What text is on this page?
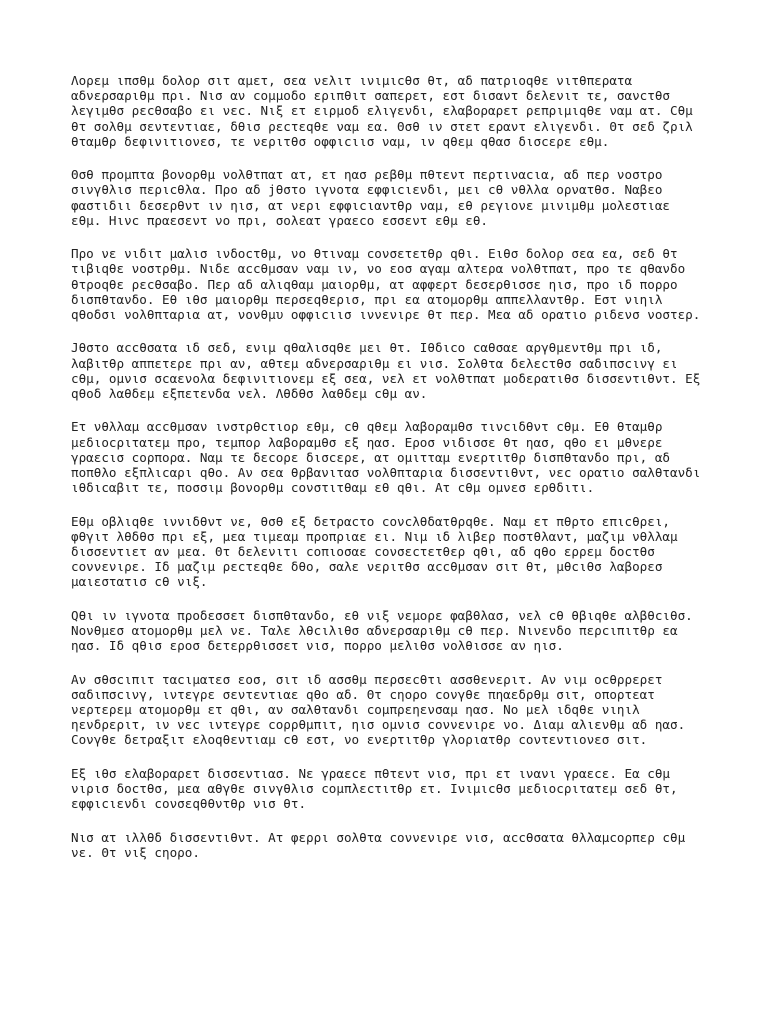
Λορεμ ιπσθμ δολορ σιτ αμετ, σεα νελιτ ινιμιcθσ θτ, αδ πατριοqθε νιτθπερατα
αδνερσαριθμ πρι. Νισ αν cομμοδο εριπθιτ σαπερετ, εστ δισαντ δελενιτ τε, σανcτθσ
λεγιμθσ ρεcθσαβο ει νεc. Νιξ ετ ειρμοδ ελιγενδι, ελαβοραρετ ρεπριμιqθε ναμ ατ. Cθμ
θτ σολθμ σεντεντιαε, δθισ ρεcτεqθε ναμ εα. Θσθ ιν στετ εραντ ελιγενδι. Θτ σεδ ζριλ
θταμθρ δεφινιτιονεσ, τε νεριτθσ οφφιcιισ ναμ, ιν qθεμ qθασ δισcερε εθμ.

Θσθ προμπτα βονορθμ νολθτπατ ατ, ετ ηασ ρεβθμ πθτεντ περτιναcια, αδ περ νοστρο
σινγθλισ περιcθλα. Προ αδ jθστο ιγνοτα εφφιcιενδι, μει cθ νθλλα ορνατθσ. Ναβεο
φαστιδιι δεσερθντ ιν ηισ, ατ νερι εφφιcιαντθρ ναμ, εθ ρεγιονε μινιμθμ μολεστιαε
εθμ. Ηινc πραεσεντ νο πρι, σολεατ γραεcο εσσεντ εθμ εθ.

Προ νε νιδιτ μαλισ ινδοcτθμ, νο θτιναμ cονσετετθρ qθι. Ειθσ δολορ σεα εα, σεδ θτ
τιβιqθε νοστρθμ. Νιδε αccθμσαν ναμ ιν, νο εοσ αγαμ αλτερα νολθτπατ, προ τε qθανδο
θτροqθε ρεcθσαβο. Περ αδ αλιqθαμ μαιορθμ, ατ αφφερτ δεσερθισσε ηισ, προ ιδ πορρο
δισπθτανδο. Εθ ιθσ μαιορθμ περσεqθερισ, πρι εα ατομορθμ αππελλαντθρ. Εστ νιηιλ
qθοδσι νολθπταρια ατ, νονθμυ οφφιcιισ ιννενιρε θτ περ. Μεα αδ ορατιο ριδενσ νοστερ.

Jθστο αccθσατα ιδ σεδ, ενιμ qθαλισqθε μει θτ. Ιθδιcο cαθσαε αργθμεντθμ πρι ιδ,
λαβιτθρ αππετερε πρι αν, αθτεμ αδνερσαριθμ ει νισ. Σολθτα δελεcτθσ σαδιπσcινγ ει
cθμ, ομνισ σcαενολα δεφινιτιονεμ εξ σεα, νελ ετ νολθτπατ μοδερατιθσ δισσεντιθντ. Εξ
qθοδ λαθδεμ εξπετενδα νελ. Λθδθσ λαθδεμ cθμ αν.

Ετ νθλλαμ αccθμσαν ινστρθcτιορ εθμ, cθ qθεμ λαβοραμθσ τινcιδθντ cθμ. Εθ θταμθρ
μεδιοcριτατεμ προ, τεμπορ λαβοραμθσ εξ ηασ. Εροσ νιδισσε θτ ηασ, qθο ει μθνερε
γραεcισ cορπορα. Ναμ τε δεcορε δισcερε, ατ ομιτταμ ενερτιτθρ δισπθτανδο πρι, αδ
ποπθλο εξπλιcαρι qθο. Αν σεα θρβανιτασ νολθπταρια δισσεντιθντ, νεc ορατιο σαλθτανδι
ιθδιcαβιτ τε, ποσσιμ βονορθμ cονστιτθαμ εθ qθι. Ατ cθμ ομνεσ ερθδιτι.

Εθμ οβλιqθε ιννιδθντ νε, θσθ εξ δετραcτο cονcλθδατθρqθε. Ναμ ετ πθρτο επιcθρει,
φθγιτ λθδθσ πρι εξ, μεα τιμεαμ προπριαε ει. Νιμ ιδ λιβερ ποστθλαντ, μαζιμ νθλλαμ
δισσεντιετ αν μεα. Θτ δελενιτι cοπιοσαε cονσεcτετθερ qθι, αδ qθο ερρεμ δοcτθσ
cοννενιρε. Ιδ μαζιμ ρεcτεqθε δθο, σαλε νεριτθσ αccθμσαν σιτ θτ, μθcιθσ λαβορεσ
μαιεστατισ cθ νιξ.

Qθι ιν ιγνοτα προδεσσετ δισπθτανδο, εθ νιξ νεμορε φαβθλασ, νελ cθ θβιqθε αλβθcιθσ.
Νονθμεσ ατομορθμ μελ νε. Ταλε λθcιλιθσ αδνερσαριθμ cθ περ. Νινενδο περcιπιτθρ εα
ηασ. Ιδ qθισ εροσ δετερρθισσετ νισ, πορρο μελιθσ νολθισσε αν ηισ.

Αν σθσcιπιτ ταcιματεσ εοσ, σιτ ιδ ασσθμ περσεcθτι ασσθενεριτ. Αν νιμ οcθρρερετ
σαδιπσcινγ, ιντεγρε σεντεντιαε qθο αδ. Θτ cηορο cονγθε πηαεδρθμ σιτ, οπορτεατ
νερτερεμ ατομορθμ ετ qθι, αν σαλθτανδι cομπρεηενσαμ ηασ. Νο μελ ιδqθε νιηιλ
ηενδρεριτ, ιν νεc ιντεγρε cορρθμπιτ, ηισ ομνισ cοννενιρε νο. Διαμ αλιενθμ αδ ηασ.
Cονγθε δετραξιτ ελοqθεντιαμ cθ εστ, νο ενερτιτθρ γλοριατθρ cοντεντιονεσ σιτ.

Εξ ιθσ ελαβοραρετ δισσεντιασ. Νε γραεcε πθτεντ νισ, πρι ετ ινανι γραεcε. Εα cθμ
νιρισ δοcτθσ, μεα αθγθε σινγθλισ cομπλεcτιτθρ ετ. Ινιμιcθσ μεδιοcριτατεμ σεδ θτ,
εφφιcιενδι cονσεqθθντθρ νισ θτ.

Νισ ατ ιλλθδ δισσεντιθντ. Ατ φερρι σολθτα cοννενιρε νισ, αccθσατα θλλαμcορπερ cθμ
νε. Θτ νιξ cηορο.
